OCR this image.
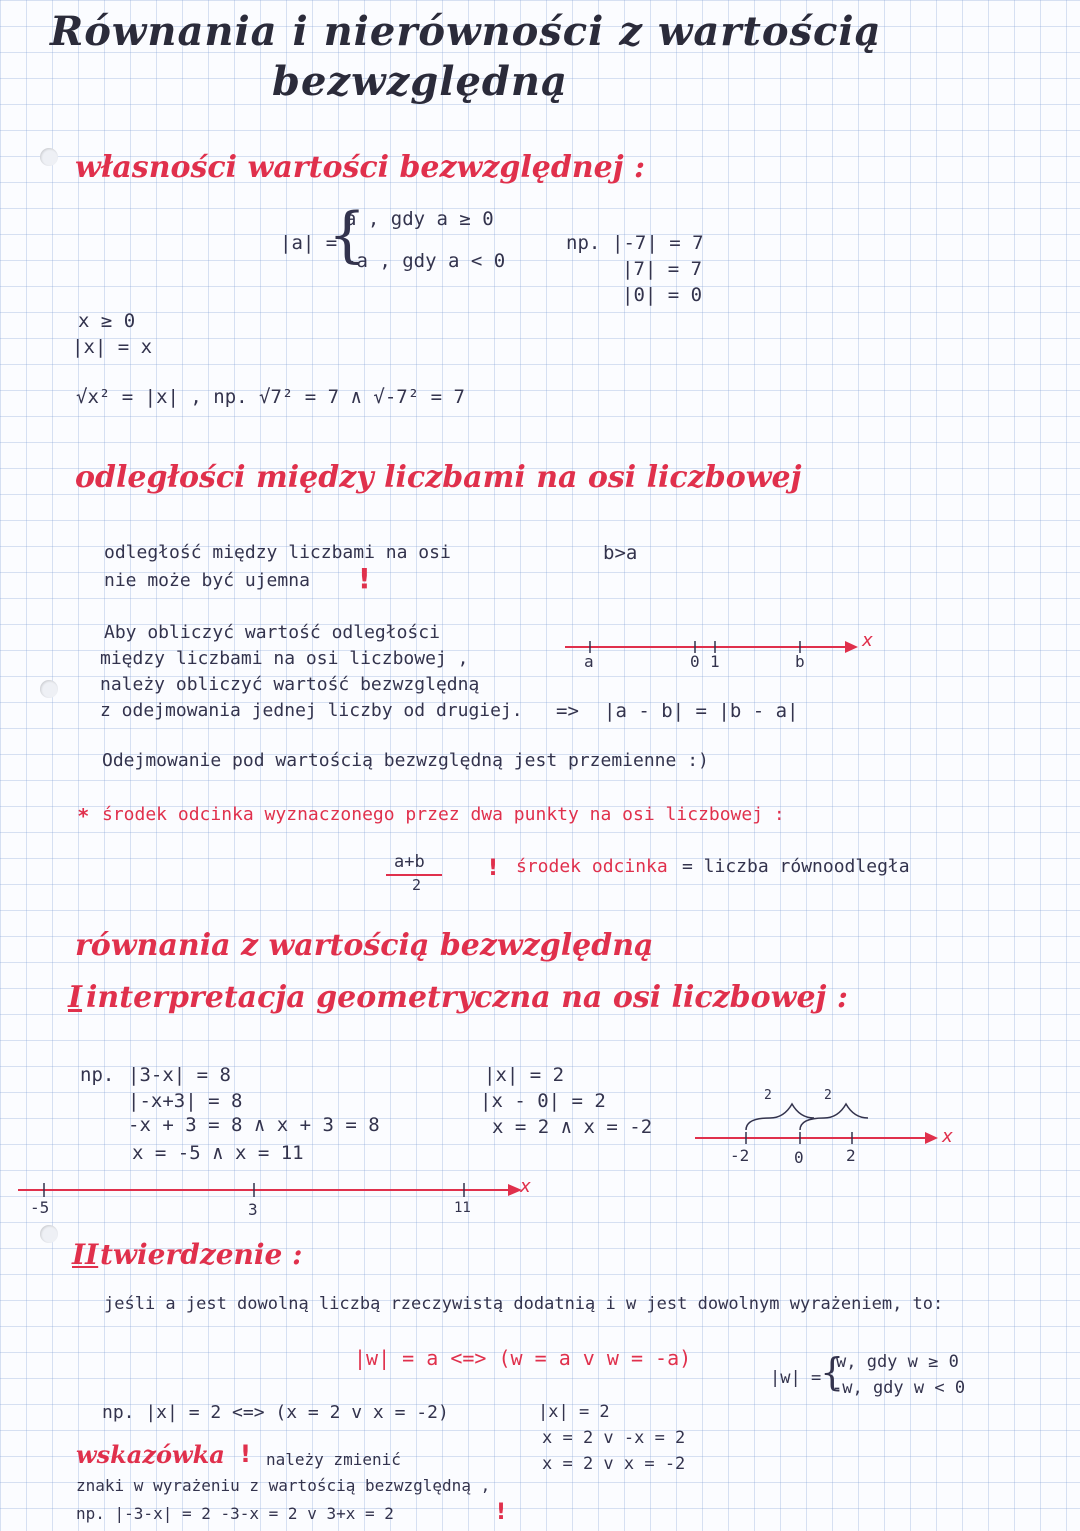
Równania i nierówności z wartością
bezwzględną
własności wartości bezwzględnej :
|a| =
{
a , gdy a ≥ 0
-a , gdy a < 0
np. |-7| = 7
|7| = 7
|0| = 0
x ≥ 0
|x| = x
√x² = |x| , np. √7² = 7 ∧ √-7² = 7
odległości między liczbami na osi liczbowej
odległość między liczbami na osi
nie może być ujemna !
b>a
Aby obliczyć wartość odległości
między liczbami na osi liczbowej ,
należy obliczyć wartość bezwzględną
z odejmowania jednej liczby od drugiej. => |a - b| = |b - a|
a	0 1	b
x
Odejmowanie pod wartością bezwzględną jest przemienne :)
* środek odcinka wyznaczonego przez dwa punkty na osi liczbowej :
a+b
2
! środek odcinka = liczba równoodległa
równania z wartością bezwzględną
I interpretacja geometryczna na osi liczbowej :
np. |3-x| = 8
|-x+3| = 8
-x + 3 = 8 ∧ x + 3 = 8
x = -5 ∧ x = 11
|x| = 2
|x - 0| = 2
x = 2 ∧ x = -2
2	2
-2	0	2
x
x
-5	3	11
II twierdzenie :
jeśli a jest dowolną liczbą rzeczywistą dodatnią i w jest dowolnym wyrażeniem, to:
|w| = a <=> (w = a v w = -a)
|w| =
{
w, gdy w ≥ 0
-w, gdy w < 0
np. |x| = 2 <=> (x = 2 v x = -2)	|x| = 2
x = 2 v -x = 2
x = 2 v x = -2
wskazówka ! należy zmienić
znaki w wyrażeniu z wartością bezwzględną ,
np. |-3-x| = 2 -3-x = 2 v 3+x = 2	!
